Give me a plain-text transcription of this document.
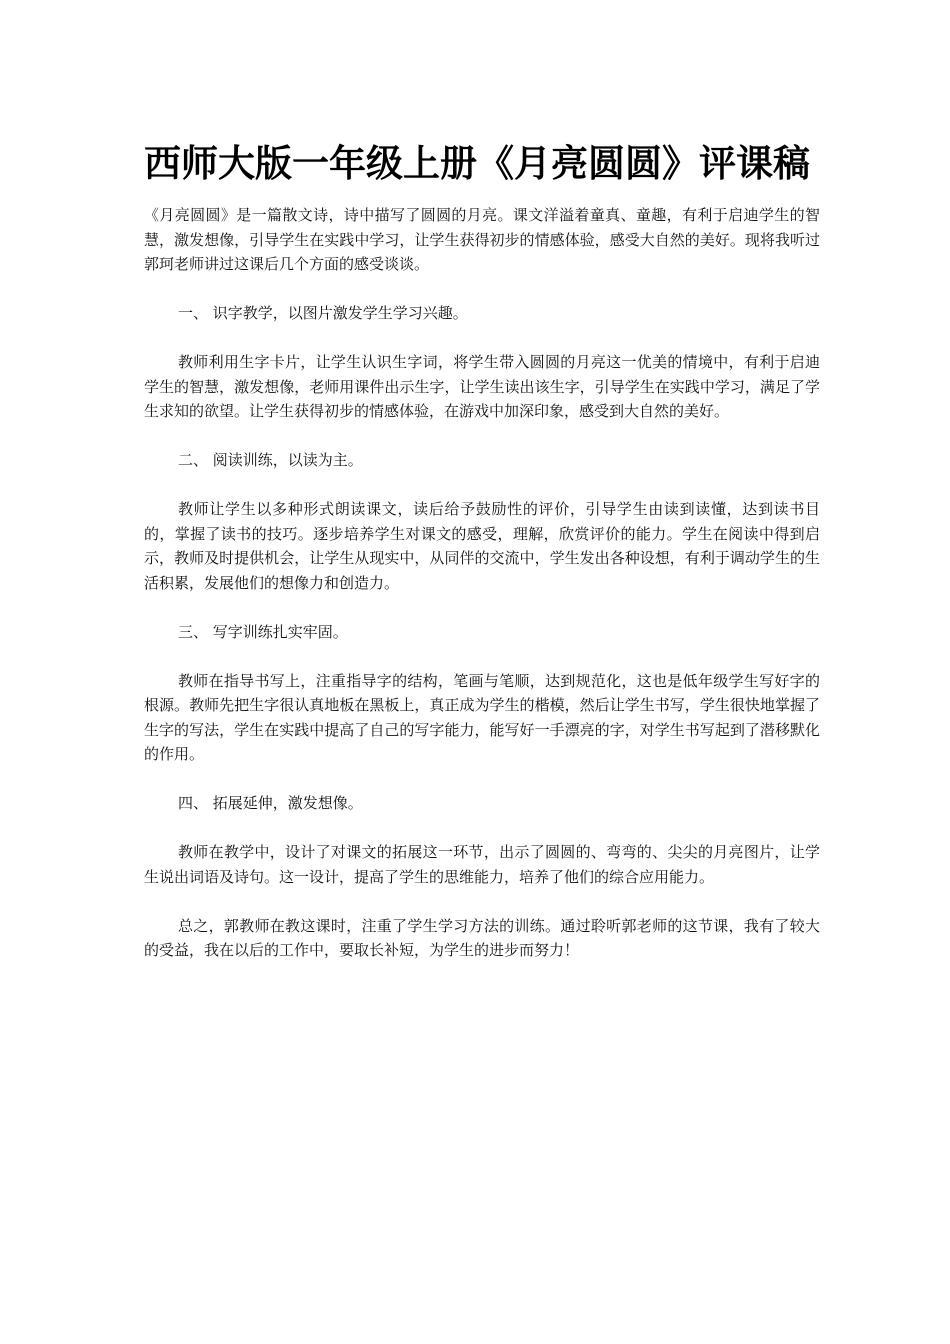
西师大版一年级上册《月亮圆圆》评课稿

《月亮圆圆》是一篇散文诗，诗中描写了圆圆的月亮。课文洋溢着童真、童趣，有利于启迪学生的智慧，激发想像，引导学生在实践中学习，让学生获得初步的情感体验，感受大自然的美好。现将我听过郭珂老师讲过这课后几个方面的感受谈谈。

一、 识字教学，以图片激发学生学习兴趣。

教师利用生字卡片，让学生认识生字词，将学生带入圆圆的月亮这一优美的情境中，有利于启迪学生的智慧，激发想像，老师用课件出示生字，让学生读出该生字，引导学生在实践中学习，满足了学生求知的欲望。让学生获得初步的情感体验，在游戏中加深印象，感受到大自然的美好。

二、 阅读训练，以读为主。

教师让学生以多种形式朗读课文，读后给予鼓励性的评价，引导学生由读到读懂，达到读书目的，掌握了读书的技巧。逐步培养学生对课文的感受，理解，欣赏评价的能力。学生在阅读中得到启示，教师及时提供机会，让学生从现实中，从同伴的交流中，学生发出各种设想，有利于调动学生的生活积累，发展他们的想像力和创造力。

三、 写字训练扎实牢固。

教师在指导书写上，注重指导字的结构，笔画与笔顺，达到规范化，这也是低年级学生写好字的根源。教师先把生字很认真地板在黑板上，真正成为学生的楷模，然后让学生书写，学生很快地掌握了生字的写法，学生在实践中提高了自己的写字能力，能写好一手漂亮的字，对学生书写起到了潜移默化的作用。

四、 拓展延伸，激发想像。

教师在教学中，设计了对课文的拓展这一环节，出示了圆圆的、弯弯的、尖尖的月亮图片，让学生说出词语及诗句。这一设计，提高了学生的思维能力，培养了他们的综合应用能力。

总之，郭教师在教这课时，注重了学生学习方法的训练。通过聆听郭老师的这节课，我有了较大的受益，我在以后的工作中，要取长补短，为学生的进步而努力！
